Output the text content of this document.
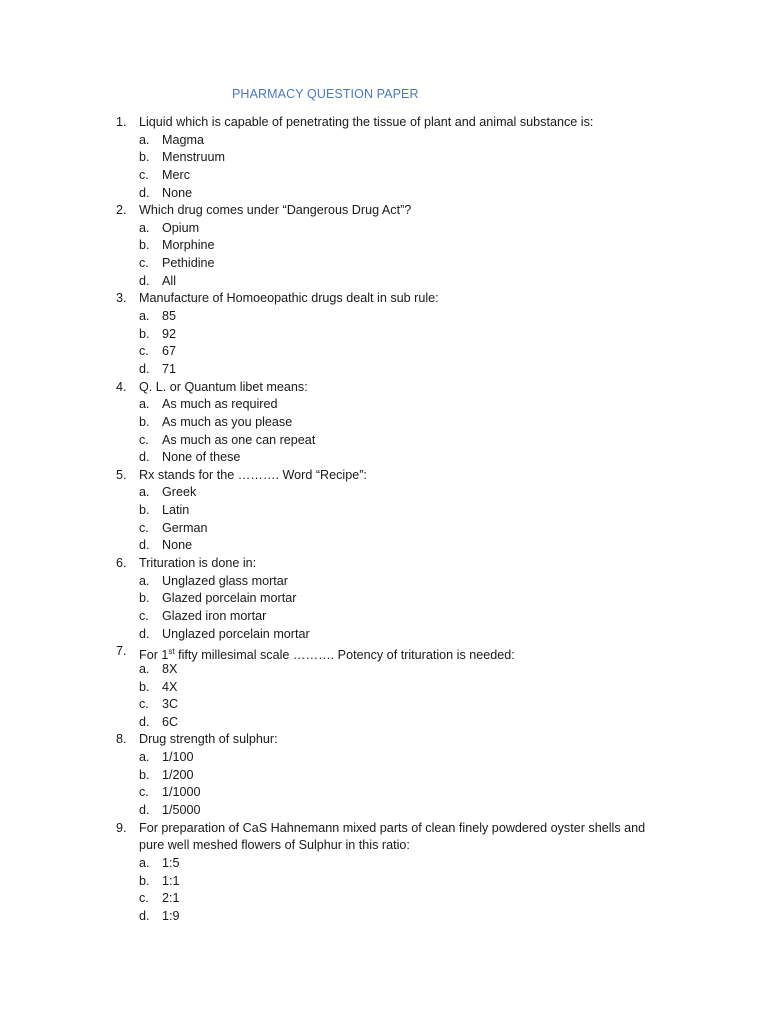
PHARMACY QUESTION PAPER
1. Liquid which is capable of penetrating the tissue of plant and animal substance is:
a. Magma
b. Menstruum
c. Merc
d. None
2. Which drug comes under “Dangerous Drug Act”?
a. Opium
b. Morphine
c. Pethidine
d. All
3. Manufacture of Homoeopathic drugs dealt in sub rule:
a. 85
b. 92
c. 67
d. 71
4. Q. L. or Quantum libet means:
a. As much as required
b. As much as you please
c. As much as one can repeat
d. None of these
5. Rx stands for the ………. Word “Recipe”:
a. Greek
b. Latin
c. German
d. None
6. Trituration is done in:
a. Unglazed glass mortar
b. Glazed porcelain mortar
c. Glazed iron mortar
d. Unglazed porcelain mortar
7. For 1st fifty millesimal scale ………. Potency of trituration is needed:
a. 8X
b. 4X
c. 3C
d. 6C
8. Drug strength of sulphur:
a. 1/100
b. 1/200
c. 1/1000
d. 1/5000
9. For preparation of CaS Hahnemann mixed parts of clean finely powdered oyster shells and
pure well meshed flowers of Sulphur in this ratio:
a. 1:5
b. 1:1
c. 2:1
d. 1:9
